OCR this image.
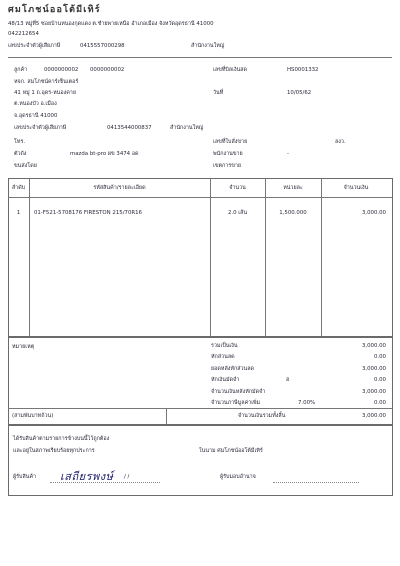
ศมโภชน์ออโต้มีเทิร์
48/13 หมู่ที่5 ซอยบ้านหนองกุดแดง ต.ชำยพายเหนือ อำเภอเมือง จังหวัดอุดรธานี 41000
042212654
เลขประจำตัวผู้เสียภาษี	0415557000298	สำนักงานใหญ่
ลูกค้า	0000000002 0000000002
หจก. สมโภชน์คาร์เซ็นเตอร์
41 หมู่ 1 ถ.อุดร-หนองคาย
ต.หนองบัว อ.เมือง
จ.อุดรธานี 41000
เลขประจำตัวผู้เสียภาษี	0413544000837	สำนักงานใหญ่
โทร.
ตัวถัง	mazda bt-pro ผข 3474 อด
ขนส่งโดย
เลขที่บิลเงินสด	HS0001332
วันที่	10/05/62
เลขที่ใบสั่งขาย	ลงว.
พนักงานขาย	-
เขตการขาย
ลำดับ	รหัสสินค้า/รายละเอียด	จำนวน	หน่วยละ	จำนวนเงิน
1	01-F521-5708176 FIRESTON 215/70R16	2.0 เส้น	1,500.000	3,000.00
หมายเหตุ	รวมเป็นเงิน	3,000.00
หักส่วนลด	0.00
ยอดหลังหักส่วนลด	3,000.00
หักเงินมัดจำ	ฮ	0.00
จำนวนเงินหลังหักมัดจำ	3,000.00
จำนวนภาษีมูลค่าเพิ่ม	7.00%	0.00
(สามพันบาทถ้วน)	จำนวนเงินรวมทั้งสิ้น	3,000.00
ได้รับสินค้าตามรายการข้างบนนี้ไว้ถูกต้อง
และอยู่ในสภาพเรียบร้อยทุกประการ	ในนาม ศมโภชน์ออโต้มีเทิร์
ผู้รับสินค้า เสถียรพงษ์ / /	ผู้รับมอบอำนาจ
